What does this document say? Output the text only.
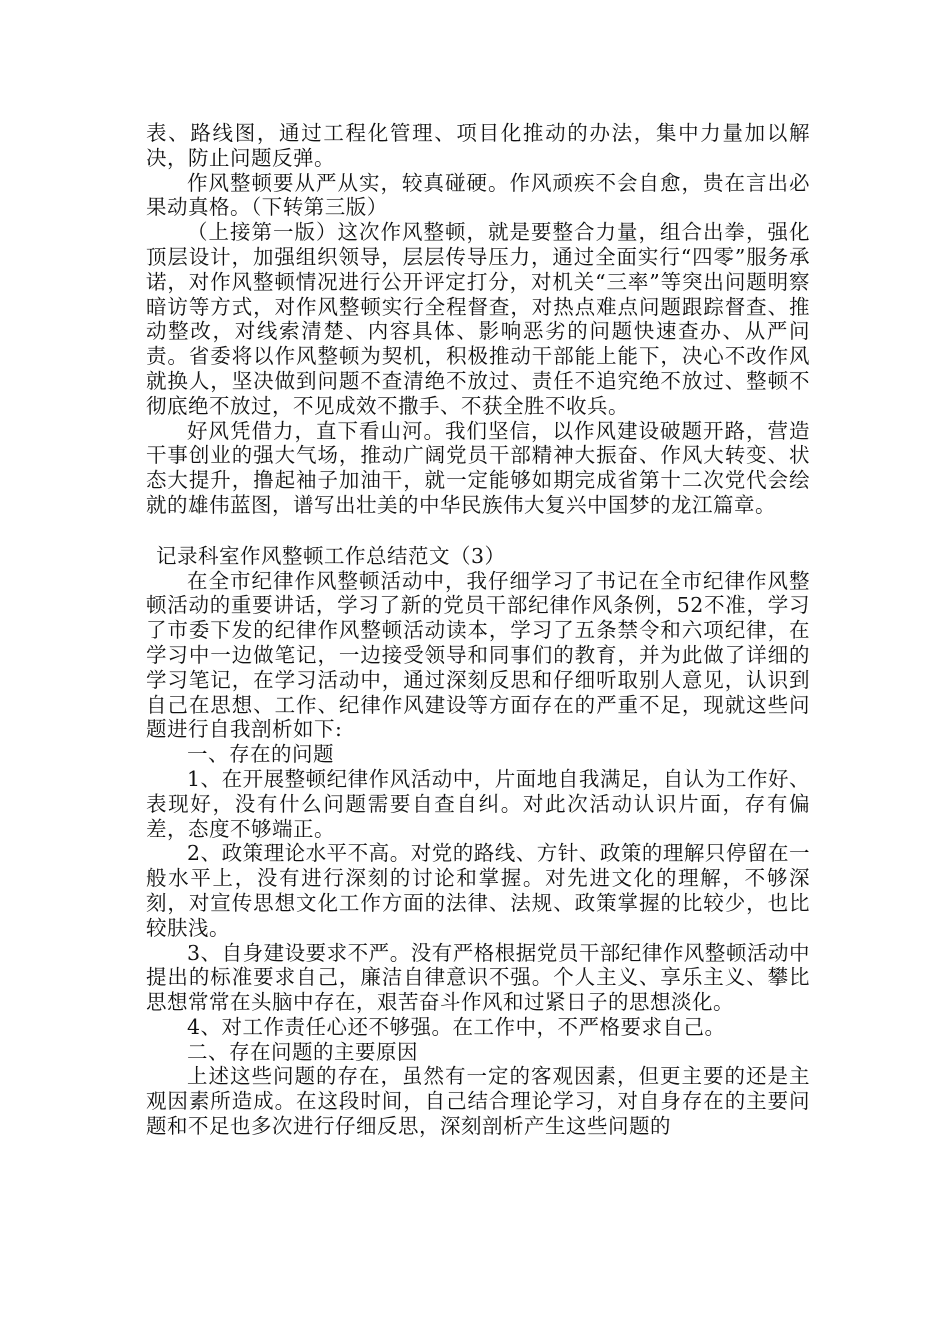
表、路线图，通过工程化管理、项目化推动的办法，集中力量加以解决，防止问题反弹。

作风整顿要从严从实，较真碰硬。作风顽疾不会自愈，贵在言出必果动真格。（下转第三版）

（上接第一版）这次作风整顿，就是要整合力量，组合出拳，强化顶层设计，加强组织领导，层层传导压力，通过全面实行“四零”服务承诺，对作风整顿情况进行公开评定打分，对机关“三率”等突出问题明察暗访等方式，对作风整顿实行全程督查，对热点难点问题跟踪督查、推动整改，对线索清楚、内容具体、影响恶劣的问题快速查办、从严问责。省委将以作风整顿为契机，积极推动干部能上能下，决心不改作风就换人，坚决做到问题不查清绝不放过、责任不追究绝不放过、整顿不彻底绝不放过，不见成效不撒手、不获全胜不收兵。

好风凭借力，直下看山河。我们坚信，以作风建设破题开路，营造干事创业的强大气场，推动广阔党员干部精神大振奋、作风大转变、状态大提升，撸起袖子加油干，就一定能够如期完成省第十二次党代会绘就的雄伟蓝图，谱写出壮美的中华民族伟大复兴中国梦的龙江篇章。

记录科室作风整顿工作总结范文（3）

在全市纪律作风整顿活动中，我仔细学习了书记在全市纪律作风整顿活动的重要讲话，学习了新的党员干部纪律作风条例，52不准，学习了市委下发的纪律作风整顿活动读本，学习了五条禁令和六项纪律，在学习中一边做笔记，一边接受领导和同事们的教育，并为此做了详细的学习笔记，在学习活动中，通过深刻反思和仔细听取别人意见，认识到自己在思想、工作、纪律作风建设等方面存在的严重不足，现就这些问题进行自我剖析如下:

一、存在的问题

1、在开展整顿纪律作风活动中，片面地自我满足，自认为工作好、表现好，没有什么问题需要自查自纠。对此次活动认识片面，存有偏差，态度不够端正。

2、政策理论水平不高。对党的路线、方针、政策的理解只停留在一般水平上，没有进行深刻的讨论和掌握。对先进文化的理解，不够深刻，对宣传思想文化工作方面的法律、法规、政策掌握的比较少，也比较肤浅。

3、自身建设要求不严。没有严格根据党员干部纪律作风整顿活动中提出的标准要求自己，廉洁自律意识不强。个人主义、享乐主义、攀比思想常常在头脑中存在，艰苦奋斗作风和过紧日子的思想淡化。

4、对工作责任心还不够强。在工作中，不严格要求自己。

二、存在问题的主要原因

上述这些问题的存在，虽然有一定的客观因素，但更主要的还是主观因素所造成。在这段时间，自己结合理论学习，对自身存在的主要问题和不足也多次进行仔细反思，深刻剖析产生这些问题的
